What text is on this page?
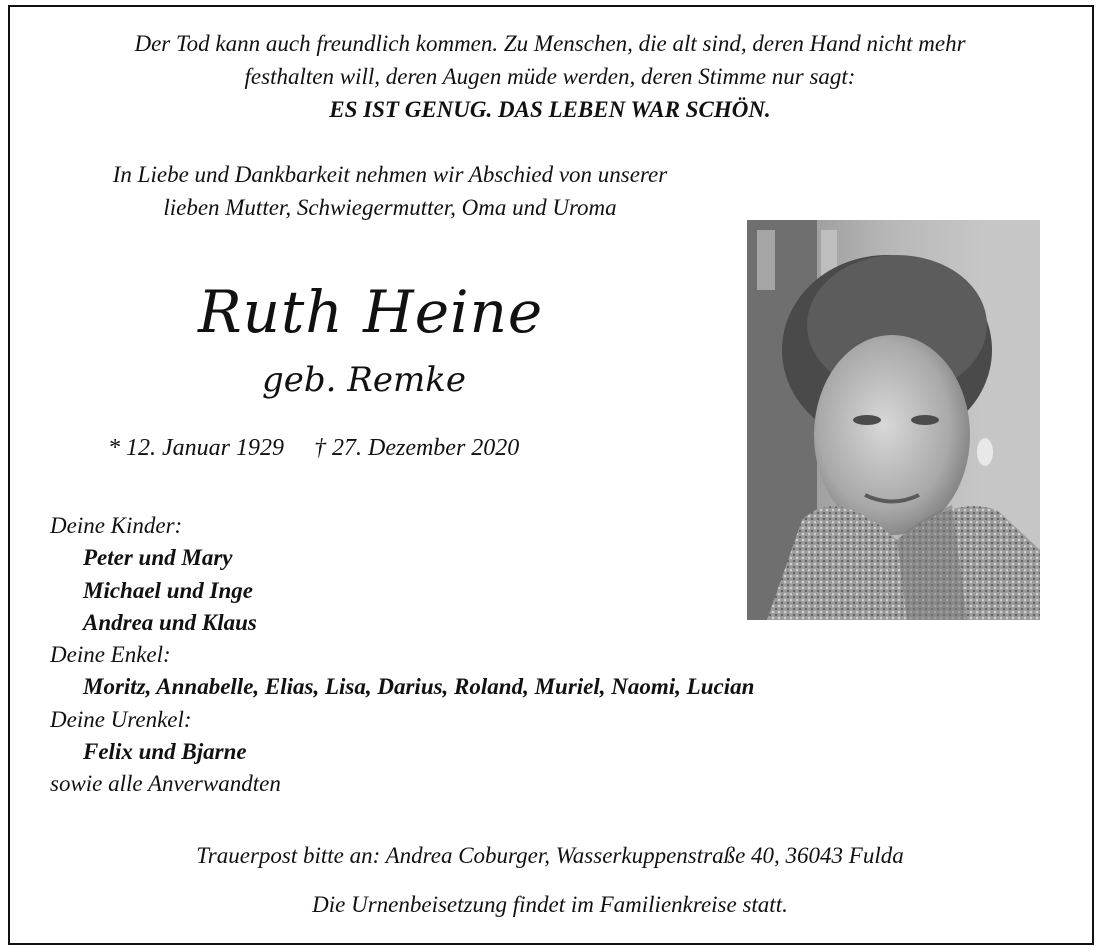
Der Tod kann auch freundlich kommen. Zu Menschen, die alt sind, deren Hand nicht mehr
festhalten will, deren Augen müde werden, deren Stimme nur sagt:
ES IST GENUG. DAS LEBEN WAR SCHÖN.
In Liebe und Dankbarkeit nehmen wir Abschied von unserer
lieben Mutter, Schwiegermutter, Oma und Uroma
Ruth Heine
geb. Remke
* 12. Januar 1929 † 27. Dezember 2020
Deine Kinder:
Peter und Mary
Michael und Inge
Andrea und Klaus
Deine Enkel:
Moritz, Annabelle, Elias, Lisa, Darius, Roland, Muriel, Naomi, Lucian
Deine Urenkel:
Felix und Bjarne
sowie alle Anverwandten
Trauerpost bitte an: Andrea Coburger, Wasserkuppenstraße 40, 36043 Fulda
Die Urnenbeisetzung findet im Familienkreise statt.
